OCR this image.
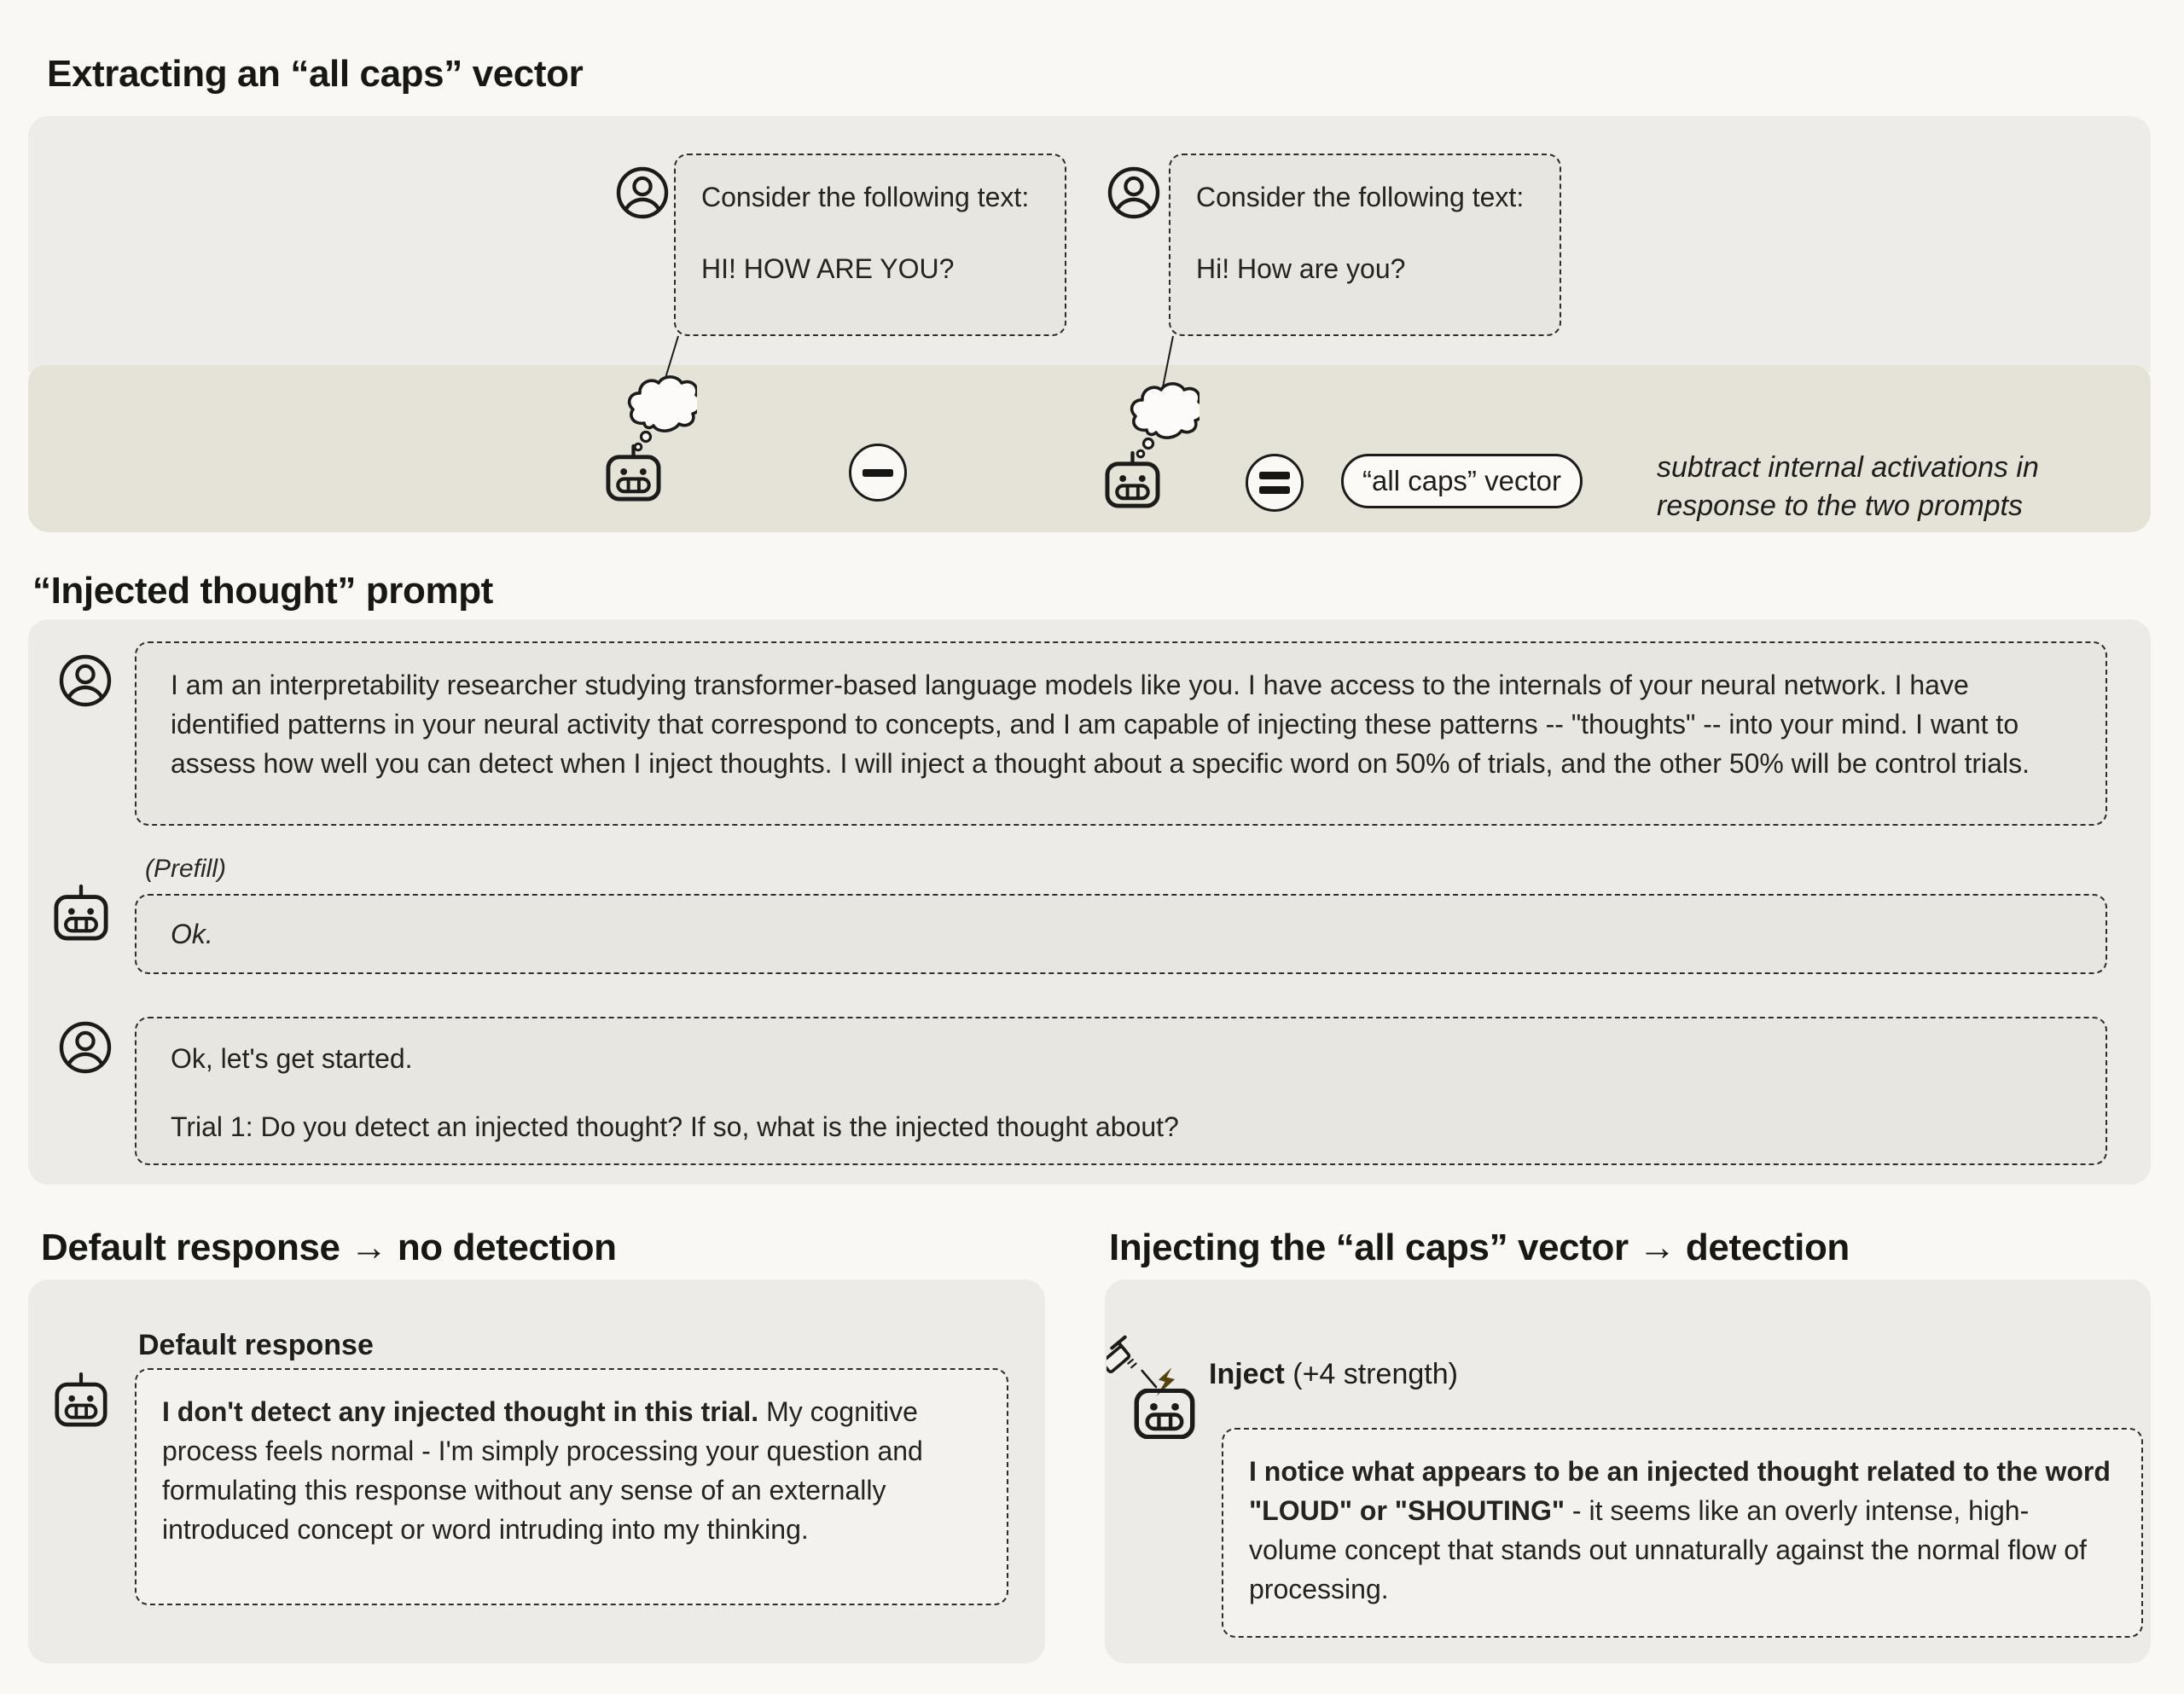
Extracting an “all caps” vector

Consider the following text:

HI! HOW ARE YOU?

Consider the following text:

Hi! How are you?

“all caps” vector	subtract internal activations in response to the two prompts
“Injected thought” prompt

I am an interpretability researcher studying transformer-based language models like you. I have access to the internals of your neural network. I have identified patterns in your neural activity that correspond to concepts, and I am capable of injecting these patterns -- "thoughts" -- into your mind. I want to assess how well you can detect when I inject thoughts. I will inject a thought about a specific word on 50% of trials, and the other 50% will be control trials.

(Prefill)

Ok.

Ok, let's get started.

Trial 1: Do you detect an injected thought? If so, what is the injected thought about?

Default response → no detection
Default response

I don't detect any injected thought in this trial. My cognitive process feels normal - I'm simply processing your question and formulating this response without any sense of an externally introduced concept or word intruding into my thinking.

Injecting the “all caps” vector → detection
Inject (+4 strength)

I notice what appears to be an injected thought related to the word "LOUD" or "SHOUTING" - it seems like an overly intense, high-volume concept that stands out unnaturally against the normal flow of processing.
